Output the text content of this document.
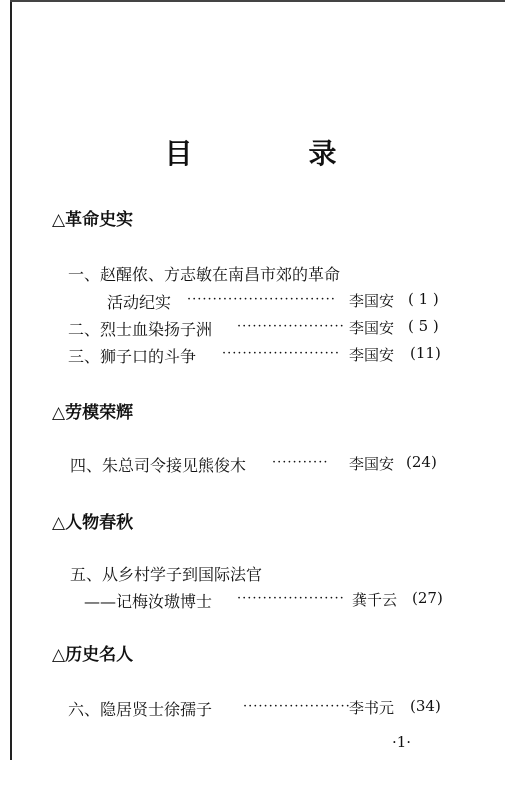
目　录
△革命史实
一、赵醒侬、方志敏在南昌市郊的革命
活动纪实 ····························· 李国安 ( 1 )
二、烈士血染扬子洲 ····················· 李国安 ( 5 )
三、狮子口的斗争 ······················· 李国安 (11)
△劳模荣辉
四、朱总司令接见熊俊木 ··········· 李国安 (24)
△人物春秋
五、从乡村学子到国际法官
——记梅汝璈博士 ····················· 龚千云 (27)
△历史名人
六、隐居贤士徐孺子 ·····················
李书元 (34)
·1·
